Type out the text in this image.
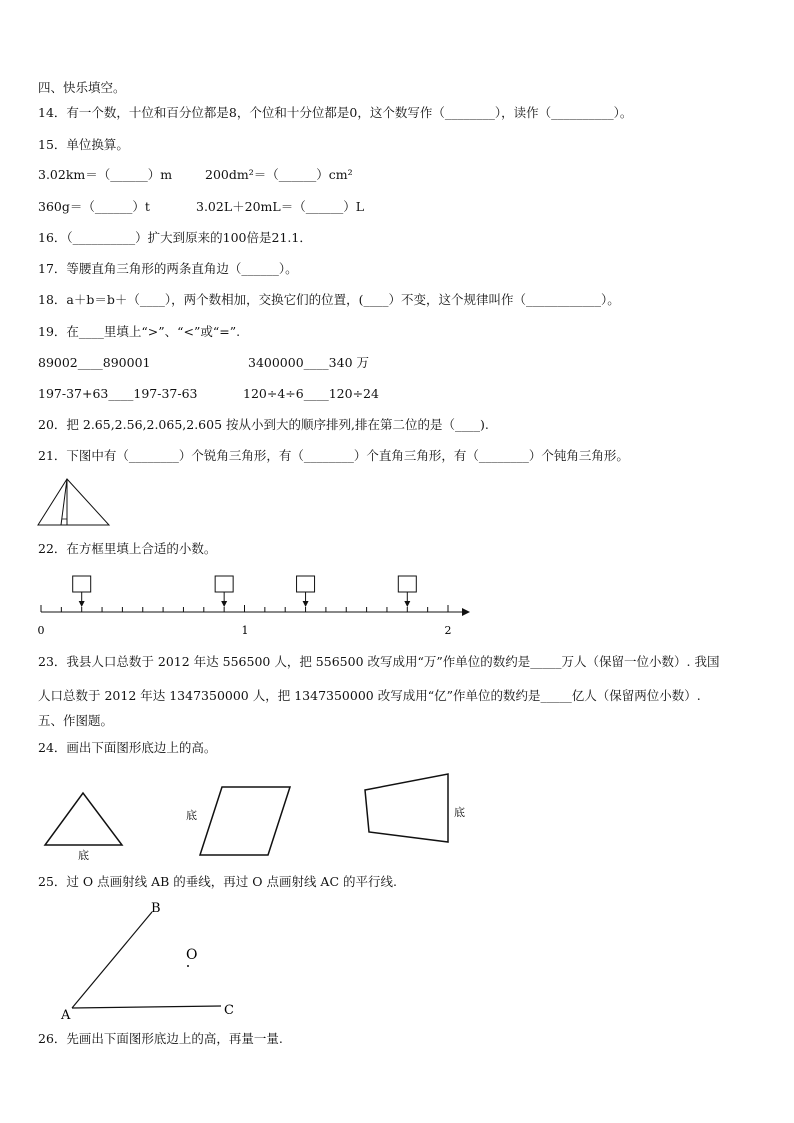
四、快乐填空。
14．有一个数，十位和百分位都是8，个位和十分位都是0，这个数写作（________），读作（__________）。
15．单位换算。
3.02km＝（______）m	200dm²＝（______）cm²
360g＝（______）t	3.02L＋20mL＝（______）L
16．（__________）扩大到原来的100倍是21.1．
17．等腰直角三角形的两条直角边（______）。
18．a＋b＝b＋（____），两个数相加，交换它们的位置，(____）不变，这个规律叫作（____________）。
19．在____里填上“>”、“<”或“=”.
89002____890001	3400000____340 万
197-37+63____197-37-63	120÷4÷6____120÷24
20．把 2.65,2.56,2.065,2.605 按从小到大的顺序排列,排在第二位的是（____).
21．下图中有（________）个锐角三角形，有（________）个直角三角形，有（________）个钝角三角形。
22．在方框里填上合适的小数。
0	1	2
23．我县人口总数于 2012 年达 556500 人，把 556500 改写成用“万”作单位的数约是_____万人（保留一位小数）. 我国
人口总数于 2012 年达 1347350000 人，把 1347350000 改写成用“亿”作单位的数约是_____亿人（保留两位小数）.
五、作图题。
24．画出下面图形底边上的高。
底
底	底
25．过 O 点画射线 AB 的垂线，再过 O 点画射线 AC 的平行线.
B
A	C
O
26．先画出下面图形底边上的高，再量一量.
